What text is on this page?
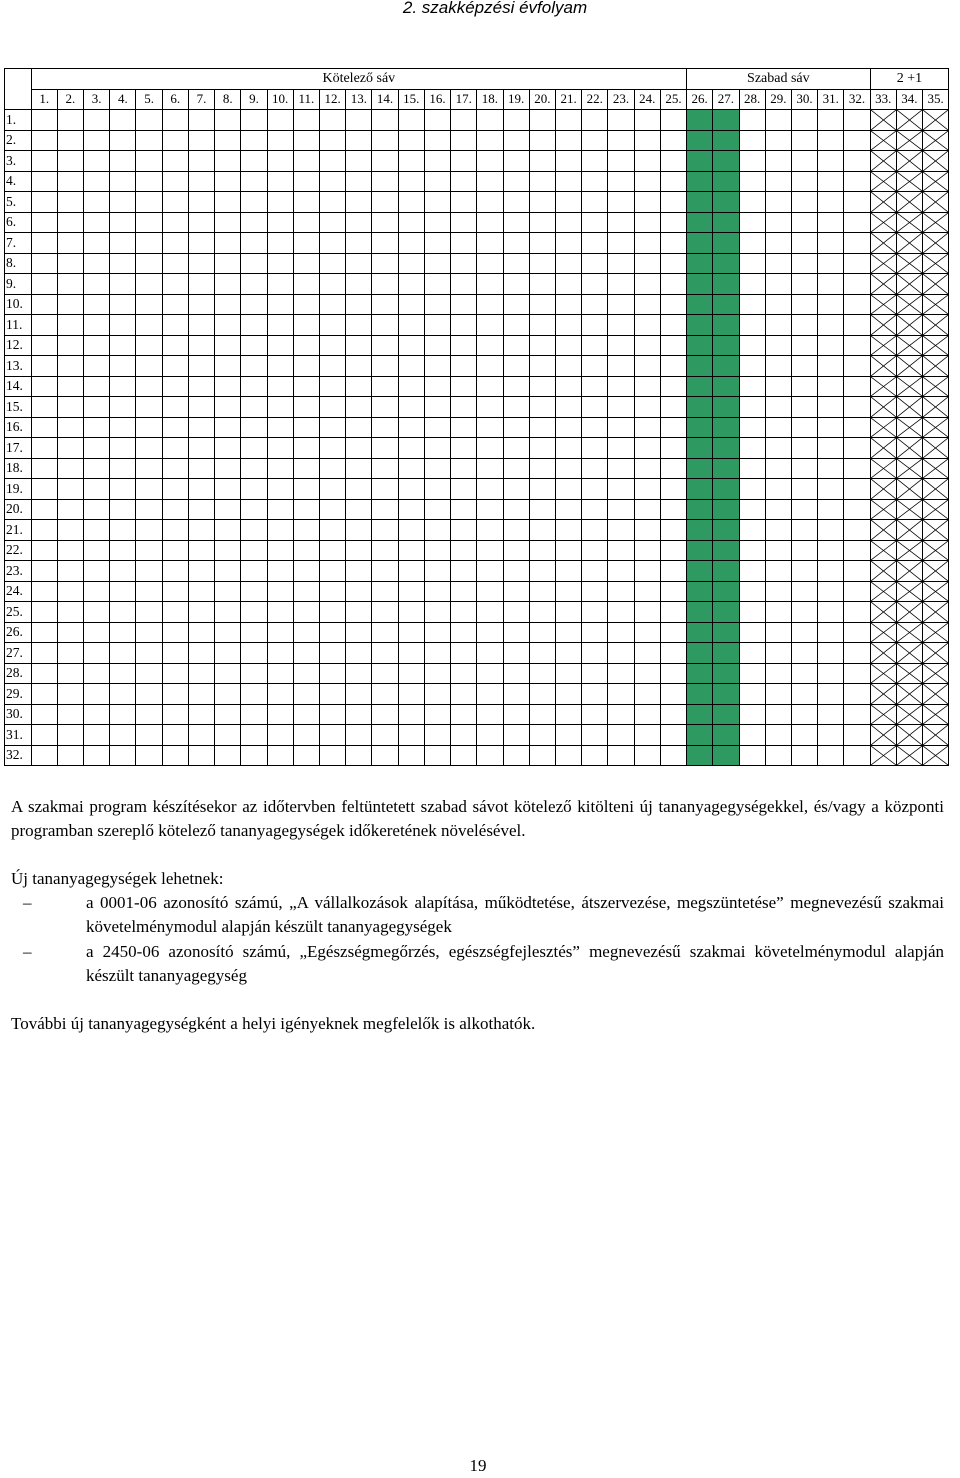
2. szakképzési évfolyam
	Kötelező sáv																									Szabad sáv							2 +1		
	1.	2.	3.	4.	5.	6.	7.	8.	9.	10.	11.	12.	13.	14.	15.	16.	17.	18.	19.	20.	21.	22.	23.	24.	25.	26.	27.	28.	29.	30.	31.	32.	33.	34.	35.
1.																																			
2.																																			
3.																																			
4.																																			
5.																																			
6.																																			
7.																																			
8.																																			
9.																																			
10.																																			
11.																																			
12.																																			
13.																																			
14.																																			
15.																																			
16.																																			
17.																																			
18.																																			
19.																																			
20.																																			
21.																																			
22.																																			
23.																																			
24.																																			
25.																																			
26.																																			
27.																																			
28.																																			
29.																																			
30.																																			
31.																																			
32.																																			
A szakmai program készítésekor az időtervben feltüntetett szabad sávot kötelező kitölteni új tananyagegységekkel, és/vagy a központi programban szereplő kötelező tananyagegységek időkeretének növelésével.
Új tananyagegységek lehetnek:
–	a 0001-06 azonosító számú, „A vállalkozások alapítása, működtetése, átszervezése, megszüntetése” megnevezésű szakmai követelménymodul alapján készült tananyagegységek
–	a 2450-06 azonosító számú, „Egészségmegőrzés, egészségfejlesztés” megnevezésű szakmai követelménymodul alapján készült tananyagegység
További új tananyagegységként a helyi igényeknek megfelelők is alkothatók.
19
